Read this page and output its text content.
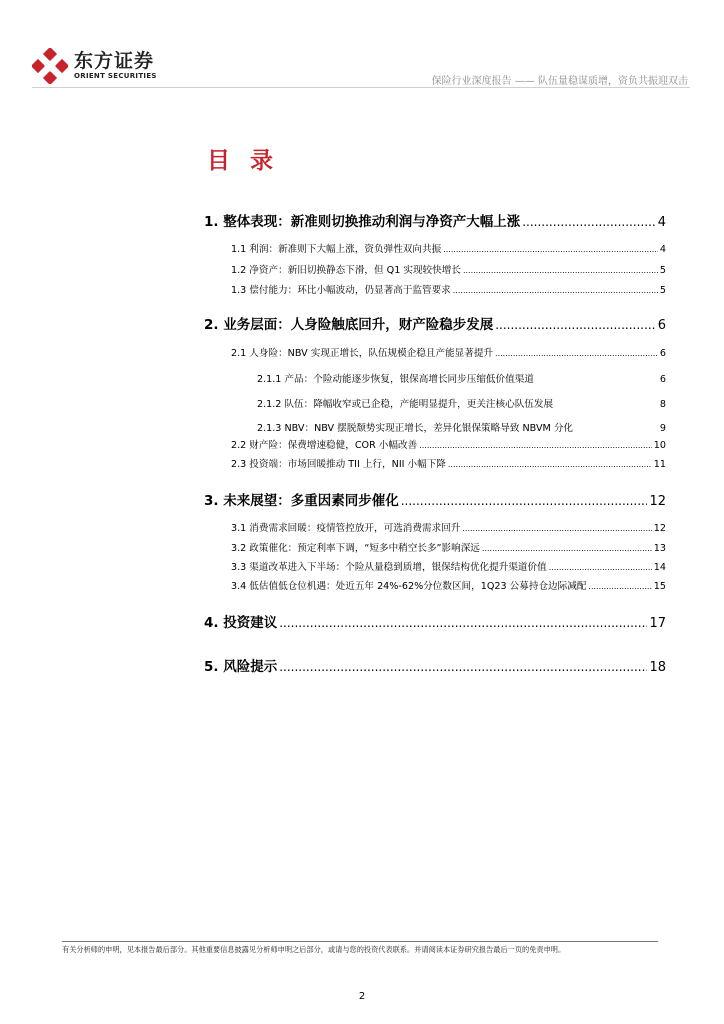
东方证券
ORIENT SECURITIES	保险行业深度报告 —— 队伍量稳谋质增，资负共振迎双击
目 录
1. 整体表现：新准则切换推动利润与净资产大幅上涨 .....	4
1.1 利润：新准则下大幅上涨，资负弹性双向共振 .....	4
1.2 净资产：新旧切换静态下滑，但 Q1 实现较快增长 .....	5
1.3 偿付能力：环比小幅波动，仍显著高于监管要求 .....	5
2. 业务层面：人身险触底回升，财产险稳步发展 .....	6
2.1 人身险：NBV 实现正增长，队伍规模企稳且产能显著提升 .....	6
2.1.1 产品：个险动能逐步恢复，银保高增长同步压缩低价值渠道	6
2.1.2 队伍：降幅收窄或已企稳，产能明显提升，更关注核心队伍发展	8
2.1.3 NBV：NBV 摆脱颓势实现正增长，差异化银保策略导致 NBVM 分化	9
2.2 财产险：保费增速稳健，COR 小幅改善 .....	10
2.3 投资端：市场回暖推动 TII 上行，NII 小幅下降 .....	11
3. 未来展望：多重因素同步催化 .....	12
3.1 消费需求回暖：疫情管控放开，可选消费需求回升 .....	12
3.2 政策催化：预定利率下调，“短多中稍空长多”影响深远 .....	13
3.3 渠道改革进入下半场：个险从量稳到质增，银保结构优化提升渠道价值 .....	14
3.4 低估值低仓位机遇：处近五年 24%-62%分位数区间，1Q23 公募持仓边际减配 .....	15
4. 投资建议 .....	17
5. 风险提示 .....	18
有关分析师的申明，见本报告最后部分。其他重要信息披露见分析师申明之后部分，或请与您的投资代表联系。并请阅读本证券研究报告最后一页的免责申明。
2
